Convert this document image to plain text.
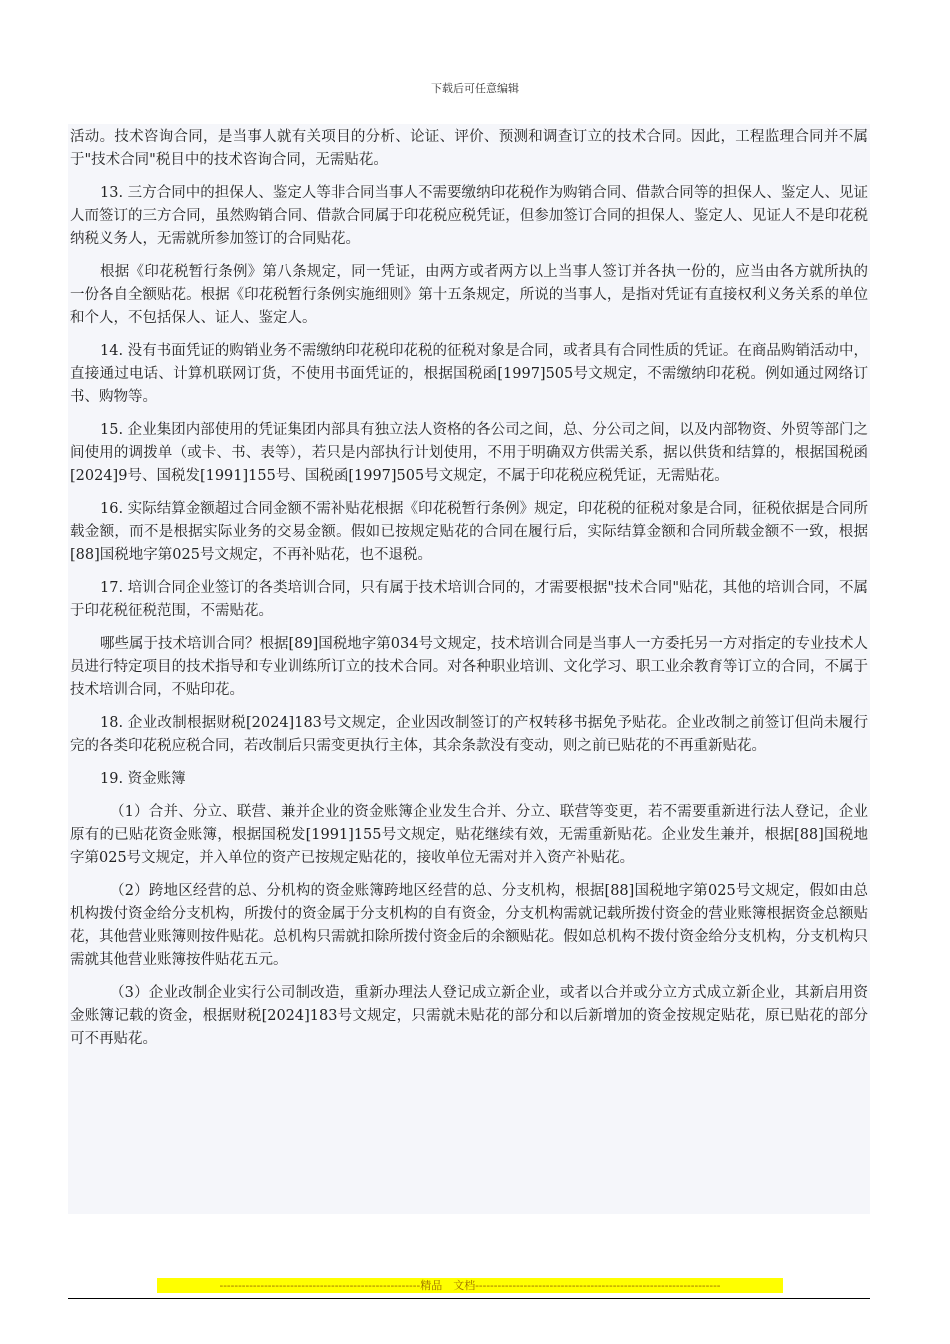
下载后可任意编辑

活动。技术咨询合同，是当事人就有关项目的分析、论证、评价、预测和调查订立的技术合同。因此，工程监理合同并不属于"技术合同"税目中的技术咨询合同，无需贴花。

13. 三方合同中的担保人、鉴定人等非合同当事人不需要缴纳印花税作为购销合同、借款合同等的担保人、鉴定人、见证人而签订的三方合同，虽然购销合同、借款合同属于印花税应税凭证，但参加签订合同的担保人、鉴定人、见证人不是印花税纳税义务人，无需就所参加签订的合同贴花。

根据《印花税暂行条例》第八条规定，同一凭证，由两方或者两方以上当事人签订并各执一份的，应当由各方就所执的一份各自全额贴花。根据《印花税暂行条例实施细则》第十五条规定，所说的当事人，是指对凭证有直接权利义务关系的单位和个人，不包括保人、证人、鉴定人。

14. 没有书面凭证的购销业务不需缴纳印花税印花税的征税对象是合同，或者具有合同性质的凭证。在商品购销活动中，直接通过电话、计算机联网订货，不使用书面凭证的，根据国税函[1997]505号文规定，不需缴纳印花税。例如通过网络订书、购物等。

15. 企业集团内部使用的凭证集团内部具有独立法人资格的各公司之间，总、分公司之间，以及内部物资、外贸等部门之间使用的调拨单（或卡、书、表等），若只是内部执行计划使用，不用于明确双方供需关系，据以供货和结算的，根据国税函[2024]9号、国税发[1991]155号、国税函[1997]505号文规定，不属于印花税应税凭证，无需贴花。

16. 实际结算金额超过合同金额不需补贴花根据《印花税暂行条例》规定，印花税的征税对象是合同，征税依据是合同所载金额，而不是根据实际业务的交易金额。假如已按规定贴花的合同在履行后，实际结算金额和合同所载金额不一致，根据[88]国税地字第025号文规定，不再补贴花，也不退税。

17. 培训合同企业签订的各类培训合同，只有属于技术培训合同的，才需要根据"技术合同"贴花，其他的培训合同，不属于印花税征税范围，不需贴花。

哪些属于技术培训合同？根据[89]国税地字第034号文规定，技术培训合同是当事人一方委托另一方对指定的专业技术人员进行特定项目的技术指导和专业训练所订立的技术合同。对各种职业培训、文化学习、职工业余教育等订立的合同，不属于技术培训合同，不贴印花。

18. 企业改制根据财税[2024]183号文规定，企业因改制签订的产权转移书据免予贴花。企业改制之前签订但尚未履行完的各类印花税应税合同，若改制后只需变更执行主体，其余条款没有变动，则之前已贴花的不再重新贴花。

19. 资金账簿

（1）合并、分立、联营、兼并企业的资金账簿企业发生合并、分立、联营等变更，若不需要重新进行法人登记，企业原有的已贴花资金账簿，根据国税发[1991]155号文规定，贴花继续有效，无需重新贴花。企业发生兼并，根据[88]国税地字第025号文规定，并入单位的资产已按规定贴花的，接收单位无需对并入资产补贴花。

（2）跨地区经营的总、分机构的资金账簿跨地区经营的总、分支机构，根据[88]国税地字第025号文规定，假如由总机构拨付资金给分支机构，所拨付的资金属于分支机构的自有资金，分支机构需就记载所拨付资金的营业账簿根据资金总额贴花，其他营业账簿则按件贴花。总机构只需就扣除所拨付资金后的余额贴花。假如总机构不拨付资金给分支机构，分支机构只需就其他营业账簿按件贴花五元。

（3）企业改制企业实行公司制改造，重新办理法人登记成立新企业，或者以合并或分立方式成立新企业，其新启用资金账簿记载的资金，根据财税[2024]183号文规定，只需就未贴花的部分和以后新增加的资金按规定贴花，原已贴花的部分可不再贴花。

------------------------------------------------------精品　文档------------------------------------------------------------------
